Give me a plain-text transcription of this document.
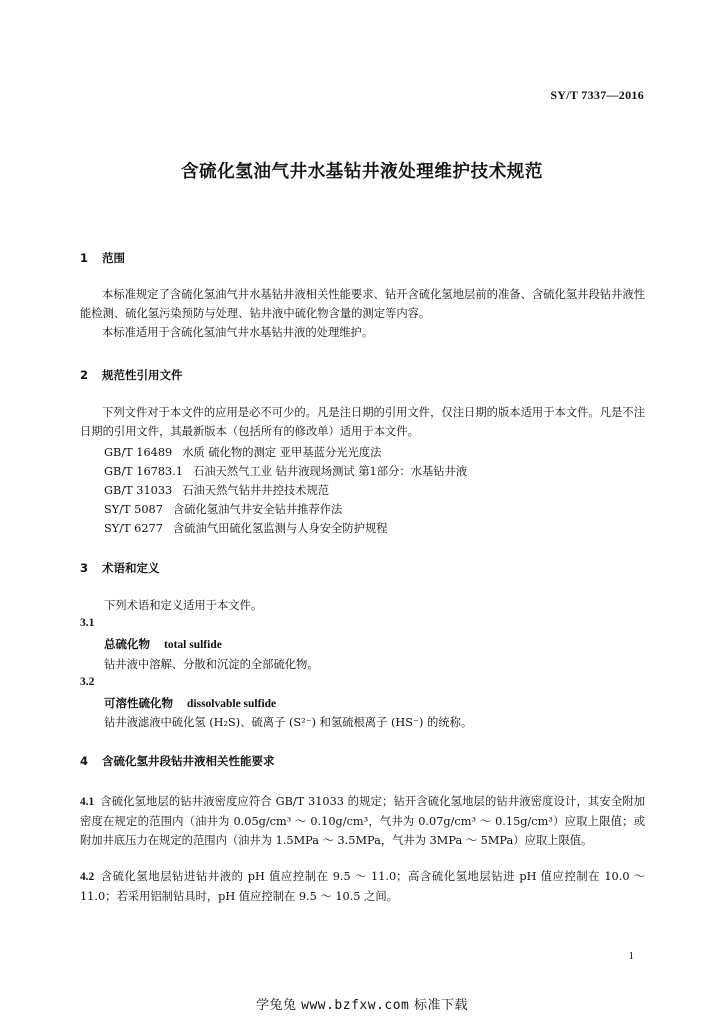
SY/T 7337—2016
含硫化氢油气井水基钻井液处理维护技术规范
1 范围
本标准规定了含硫化氢油气井水基钻井液相关性能要求、钻开含硫化氢地层前的准备、含硫化氢井段钻井液性能检测、硫化氢污染预防与处理、钻井液中硫化物含量的测定等内容。
本标准适用于含硫化氢油气井水基钻井液的处理维护。
2 规范性引用文件
下列文件对于本文件的应用是必不可少的。凡是注日期的引用文件，仅注日期的版本适用于本文件。凡是不注日期的引用文件，其最新版本（包括所有的修改单）适用于本文件。
GB/T 16489 水质 硫化物的测定 亚甲基蓝分光光度法
GB/T 16783.1 石油天然气工业 钻井液现场测试 第1部分：水基钻井液
GB/T 31033 石油天然气钻井井控技术规范
SY/T 5087 含硫化氢油气井安全钻井推荐作法
SY/T 6277 含硫油气田硫化氢监测与人身安全防护规程
3 术语和定义
下列术语和定义适用于本文件。
3.1
总硫化物 total sulfide
钻井液中溶解、分散和沉淀的全部硫化物。
3.2
可溶性硫化物 dissolvable sulfide
钻井液滤液中硫化氢 (H₂S)、硫离子 (S²⁻) 和氢硫根离子 (HS⁻) 的统称。
4 含硫化氢井段钻井液相关性能要求
4.1 含硫化氢地层的钻井液密度应符合 GB/T 31033 的规定；钻开含硫化氢地层的钻井液密度设计，其安全附加密度在规定的范围内（油井为 0.05g/cm³ ～ 0.10g/cm³，气井为 0.07g/cm³ ～ 0.15g/cm³）应取上限值；或附加井底压力在规定的范围内（油井为 1.5MPa ～ 3.5MPa，气井为 3MPa ～ 5MPa）应取上限值。
4.2 含硫化氢地层钻进钻井液的 pH 值应控制在 9.5 ～ 11.0；高含硫化氢地层钻进 pH 值应控制在 10.0 ～ 11.0；若采用铝制钻具时，pH 值应控制在 9.5 ～ 10.5 之间。
1
学兔兔 www.bzfxw.com 标准下载
